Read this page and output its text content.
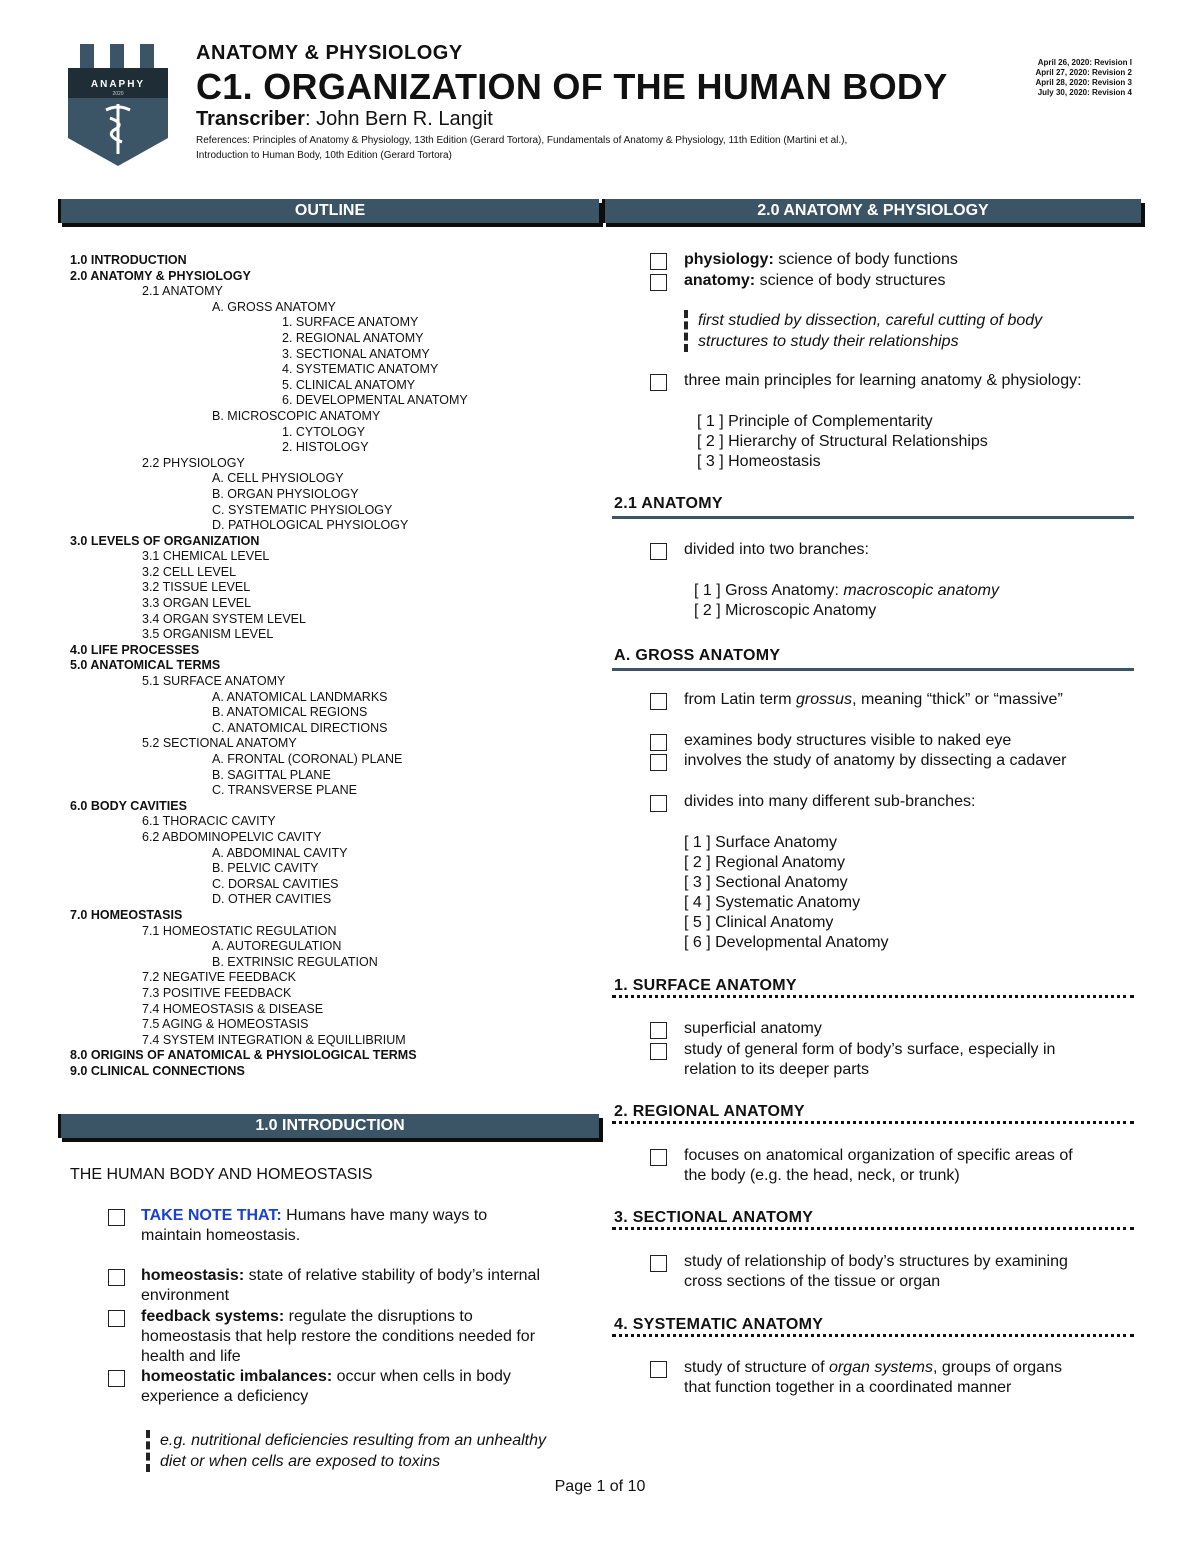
ANAPHY
2020
ANATOMY & PHYSIOLOGY
C1. ORGANIZATION OF THE HUMAN BODY
Transcriber: John Bern R. Langit
References: Principles of Anatomy & Physiology, 13th Edition (Gerard Tortora), Fundamentals of Anatomy & Physiology, 11th Edition (Martini et al.),
Introduction to Human Body, 10th Edition (Gerard Tortora)
April 26, 2020: Revision I
April 27, 2020: Revision 2
April 28, 2020: Revision 3
July 30, 2020: Revision 4
OUTLINE	2.0 ANATOMY & PHYSIOLOGY
1.0 INTRODUCTION
1.0 INTRODUCTION
2.0 ANATOMY & PHYSIOLOGY
2.1 ANATOMY
A. GROSS ANATOMY
1. SURFACE ANATOMY
2. REGIONAL ANATOMY
3. SECTIONAL ANATOMY
4. SYSTEMATIC ANATOMY
5. CLINICAL ANATOMY
6. DEVELOPMENTAL ANATOMY
B. MICROSCOPIC ANATOMY
1. CYTOLOGY
2. HISTOLOGY
2.2 PHYSIOLOGY
A. CELL PHYSIOLOGY
B. ORGAN PHYSIOLOGY
C. SYSTEMATIC PHYSIOLOGY
D. PATHOLOGICAL PHYSIOLOGY
3.0 LEVELS OF ORGANIZATION
3.1 CHEMICAL LEVEL
3.2 CELL LEVEL
3.2 TISSUE LEVEL
3.3 ORGAN LEVEL
3.4 ORGAN SYSTEM LEVEL
3.5 ORGANISM LEVEL
4.0 LIFE PROCESSES
5.0 ANATOMICAL TERMS
5.1 SURFACE ANATOMY
A. ANATOMICAL LANDMARKS
B. ANATOMICAL REGIONS
C. ANATOMICAL DIRECTIONS
5.2 SECTIONAL ANATOMY
A. FRONTAL (CORONAL) PLANE
B. SAGITTAL PLANE
C. TRANSVERSE PLANE
6.0 BODY CAVITIES
6.1 THORACIC CAVITY
6.2 ABDOMINOPELVIC CAVITY
A. ABDOMINAL CAVITY
B. PELVIC CAVITY
C. DORSAL CAVITIES
D. OTHER CAVITIES
7.0 HOMEOSTASIS
7.1 HOMEOSTATIC REGULATION
A. AUTOREGULATION
B. EXTRINSIC REGULATION
7.2 NEGATIVE FEEDBACK
7.3 POSITIVE FEEDBACK
7.4 HOMEOSTASIS & DISEASE
7.5 AGING & HOMEOSTASIS
7.4 SYSTEM INTEGRATION & EQUILLIBRIUM
8.0 ORIGINS OF ANATOMICAL & PHYSIOLOGICAL TERMS
9.0 CLINICAL CONNECTIONS
THE HUMAN BODY AND HOMEOSTASIS
TAKE NOTE THAT: Humans have many ways to
maintain homeostasis.
homeostasis: state of relative stability of body’s internal
environment
feedback systems: regulate the disruptions to
homeostasis that help restore the conditions needed for
health and life
homeostatic imbalances: occur when cells in body
experience a deficiency
e.g. nutritional deficiencies resulting from an unhealthy
diet or when cells are exposed to toxins
physiology: science of body functions
anatomy: science of body structures
first studied by dissection, careful cutting of body
structures to study their relationships
three main principles for learning anatomy & physiology:
[ 1 ] Principle of Complementarity
[ 2 ] Hierarchy of Structural Relationships
[ 3 ] Homeostasis
2.1 ANATOMY
divided into two branches:
[ 1 ] Gross Anatomy: macroscopic anatomy
[ 2 ] Microscopic Anatomy
A. GROSS ANATOMY
from Latin term grossus, meaning “thick” or “massive”
examines body structures visible to naked eye
involves the study of anatomy by dissecting a cadaver
divides into many different sub-branches:
[ 1 ] Surface Anatomy
[ 2 ] Regional Anatomy
[ 3 ] Sectional Anatomy
[ 4 ] Systematic Anatomy
[ 5 ] Clinical Anatomy
[ 6 ] Developmental Anatomy
1. SURFACE ANATOMY
superficial anatomy
study of general form of body’s surface, especially in
relation to its deeper parts
2. REGIONAL ANATOMY
focuses on anatomical organization of specific areas of
the body (e.g. the head, neck, or trunk)
3. SECTIONAL ANATOMY
study of relationship of body’s structures by examining
cross sections of the tissue or organ
4. SYSTEMATIC ANATOMY
study of structure of organ systems, groups of organs
that function together in a coordinated manner
Page 1 of 10
